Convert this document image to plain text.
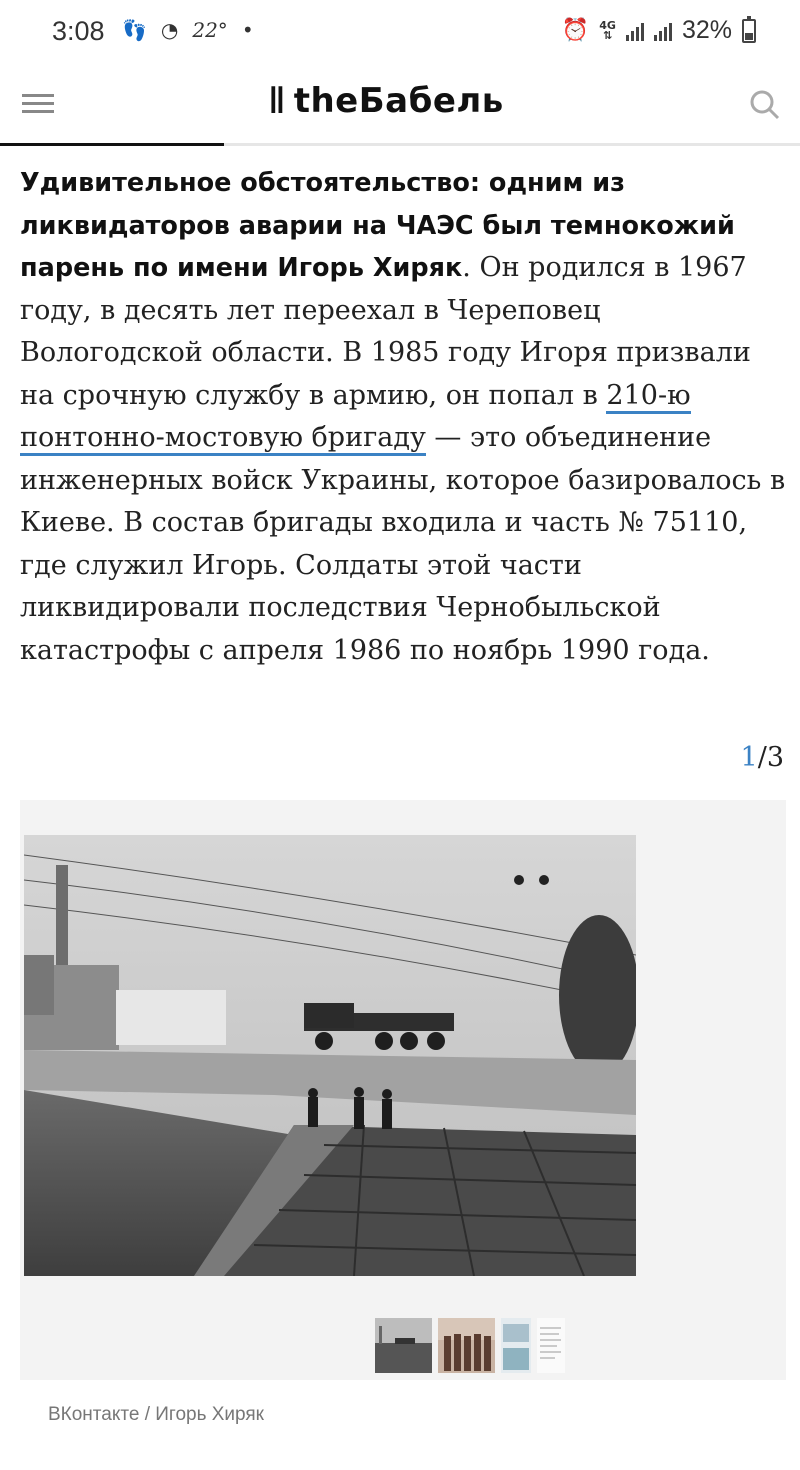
3:08 👣 ◔ 22° •	⏰ 4G
⇅	32%
ǁ theБабель

Удивительное обстоятельство: одним из ликвидаторов аварии на ЧАЭС был темнокожий парень по имени Игорь Хиряк. Он родился в 1967 году, в десять лет переехал в Череповец Вологодской области. В 1985 году Игоря призвали на срочную службу в армию, он попал в 210-ю понтонно-мостовую бригаду — это объединение инженерных войск Украины, которое базировалось в Киеве. В состав бригады входила и часть № 75110, где служил Игорь. Солдаты этой части ликвидировали последствия Чернобыльской катастрофы с апреля 1986 по ноябрь 1990 года.

1/3
ВКонтакте / Игорь Хиряк
